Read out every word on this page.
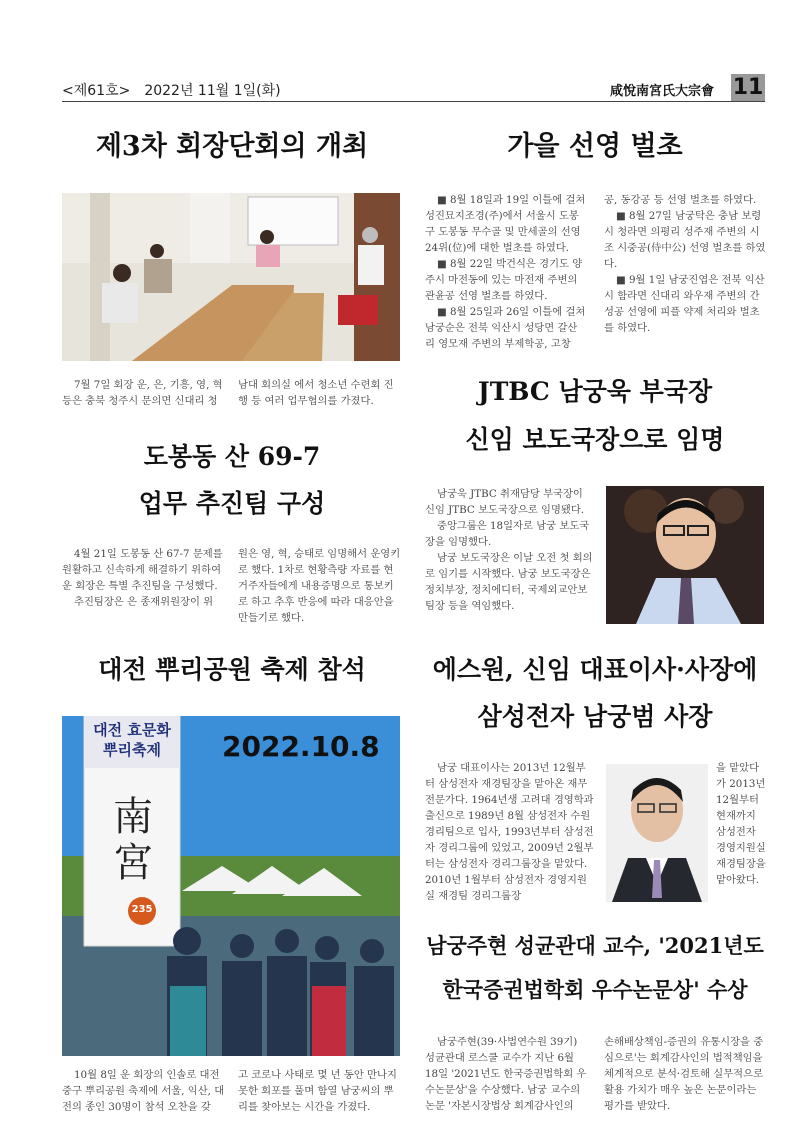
<제61호>　2022년 11월 1일(화)	咸悅南宮氏大宗會 11
제3차 회장단회의 개최

7월 7일 회장 운, 은, 기흥, 영, 혁 등은 충북 청주시 문의면 신대리 청

남대 회의실 에서 청소년 수련회 진행 등 여러 업무협의를 가졌다.

가을 선영 벌초

■ 8월 18일과 19일 이틀에 걸쳐 성진묘지조경(주)에서 서울시 도봉구 도봉동 무수골 및 만세골의 선영 24위(位)에 대한 벌초를 하였다.

■ 8월 22일 박건식은 경기도 양주시 마전동에 있는 마전재 주변의 관윤공 선영 벌초를 하였다.

■ 8월 25일과 26일 이틀에 걸쳐 남궁순은 전북 익산시 성당면 갈산리 영모재 주변의 부제학공, 고창

공, 동강공 등 선영 벌초를 하였다.

■ 8월 27일 남궁탁은 충남 보령시 청라면 의평리 성주재 주변의 시조 시중공(侍中公) 선영 벌초를 하였다.

■ 9월 1일 남궁진엽은 전북 익산시 함라면 신대리 와우재 주변의 간성공 선영에 피플 약제 처리와 벌초를 하였다.

JTBC 남궁욱 부국장
신임 보도국장으로 임명

남궁욱 JTBC 취재담당 부국장이 신임 JTBC 보도국장으로 임명됐다.

중앙그룹은 18일자로 남궁 보도국장을 임명했다.

남궁 보도국장은 이날 오전 첫 회의로 임기를 시작했다. 남궁 보도국장은 정치부장, 정치에디터, 국제외교안보팀장 등을 역임했다.

도봉동 산 69-7
업무 추진팀 구성

4월 21일 도봉동 산 67-7 문제를 원활하고 신속하게 해결하기 위하여 운 회장은 특별 추진팀을 구성했다.

추진팀장은 은 종재위원장이 위

원은 영, 혁, 승태로 임명해서 운영키로 했다. 1차로 현황측량 자료를 현 거주자들에게 내용증명으로 통보키로 하고 추후 반응에 따라 대응안을 만들기로 했다.

대전 뿌리공원 축제 참석
대전 효문화 뿌리축제
南宮
235
2022.10.8

10월 8일 운 회장의 인솔로 대전 중구 뿌리공원 축제에 서울, 익산, 대전의 종인 30명이 참석 오찬을 갖

고 코로나 사태로 몇 년 동안 만나지 못한 회포를 풀며 함열 남궁씨의 뿌리를 찾아보는 시간을 가졌다.

에스원, 신임 대표이사·사장에
삼성전자 남궁범 사장

남궁 대표이사는 2013년 12월부터 삼성전자 재경팀장을 맡아온 재무전문가다. 1964년생 고려대 경영학과 출신으로 1989년 8월 삼성전자 수원 경리팀으로 입사, 1993년부터 삼성전자 경리그룹에 있었고, 2009년 2월부터는 삼성전자 경리그룹장을 맡았다. 2010년 1월부터 삼성전자 경영지원실 재경팀 경리그룹장

을 맡았다가 2013년 12월부터 현재까지 삼성전자 경영지원실 재경팀장을 맡아왔다.

남궁주현 성균관대 교수, '2021년도
한국증권법학회 우수논문상' 수상

남궁주현(39·사법연수원 39기) 성균관대 로스쿨 교수가 지난 6월 18일 '2021년도 한국증권법학회 우수논문상'을 수상했다. 남궁 교수의 논문 '자본시장법상 회계감사인의

손해배상책임-증권의 유통시장을 중심으로'는 회계감사인의 법적책임을 체계적으로 분석·검토해 실무적으로 활용 가치가 매우 높은 논문이라는 평가를 받았다.
